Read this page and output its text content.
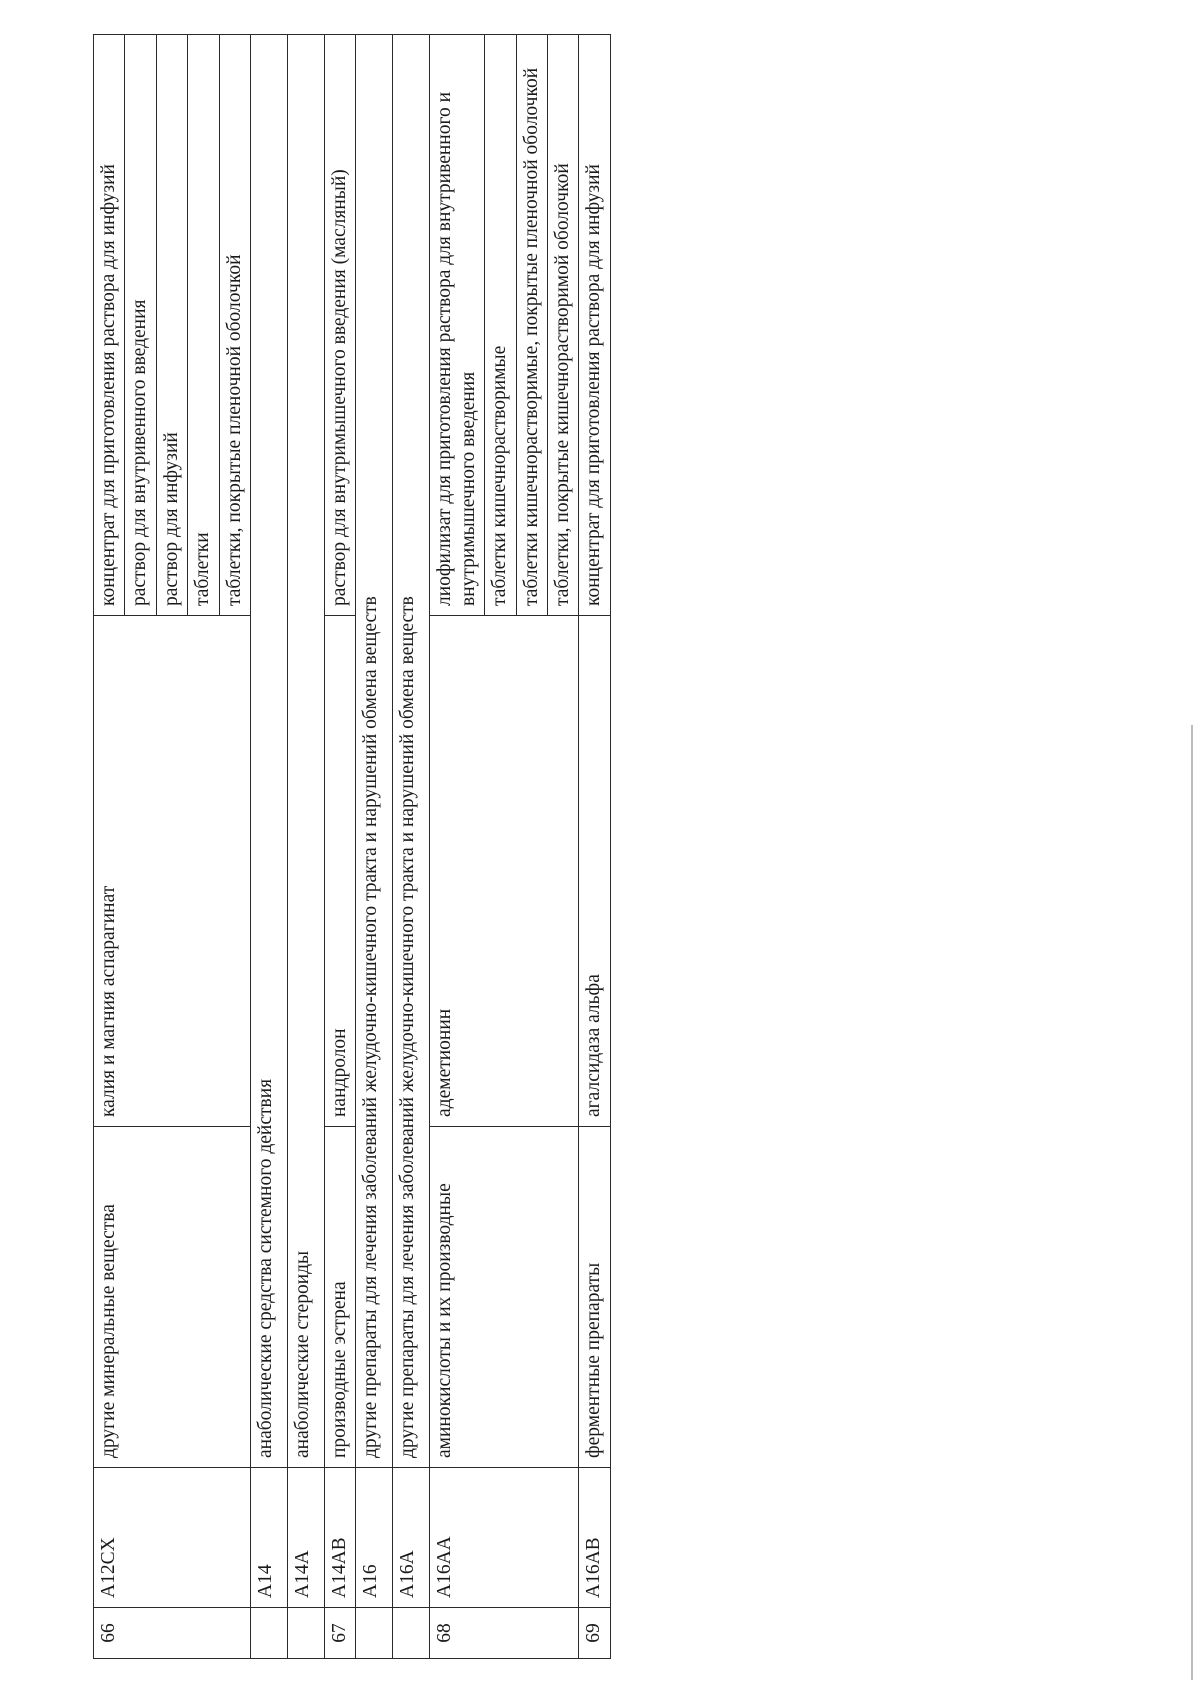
66	A12CX	другие минеральные вещества	калия и магния аспарагинат	концентрат для приготовления раствора для инфузий
				раствор для внутривенного введения
				раствор для инфузий
				таблетки
				таблетки, покрытые пленочной оболочкой
	A14	анаболические средства системного действия		
	A14A	анаболические стероиды		
67	A14AB	производные эстрена	нандролон	раствор для внутримышечного введения (масляный)
	A16	другие препараты для лечения заболеваний желудочно-кишечного тракта и нарушений обмена веществ		
	A16A	другие препараты для лечения заболеваний желудочно-кишечного тракта и нарушений обмена веществ		
68	A16AA	аминокислоты и их производные	адеметионин	лиофилизат для приготовления раствора для внутривенного и внутримышечного введения
				таблетки кишечнорастворимые
				таблетки кишечнорастворимые, покрытые пленочной оболочкой
				таблетки, покрытые кишечнорастворимой оболочкой
69	A16AB	ферментные препараты	агалсидаза альфа	концентрат для приготовления раствора для инфузий
